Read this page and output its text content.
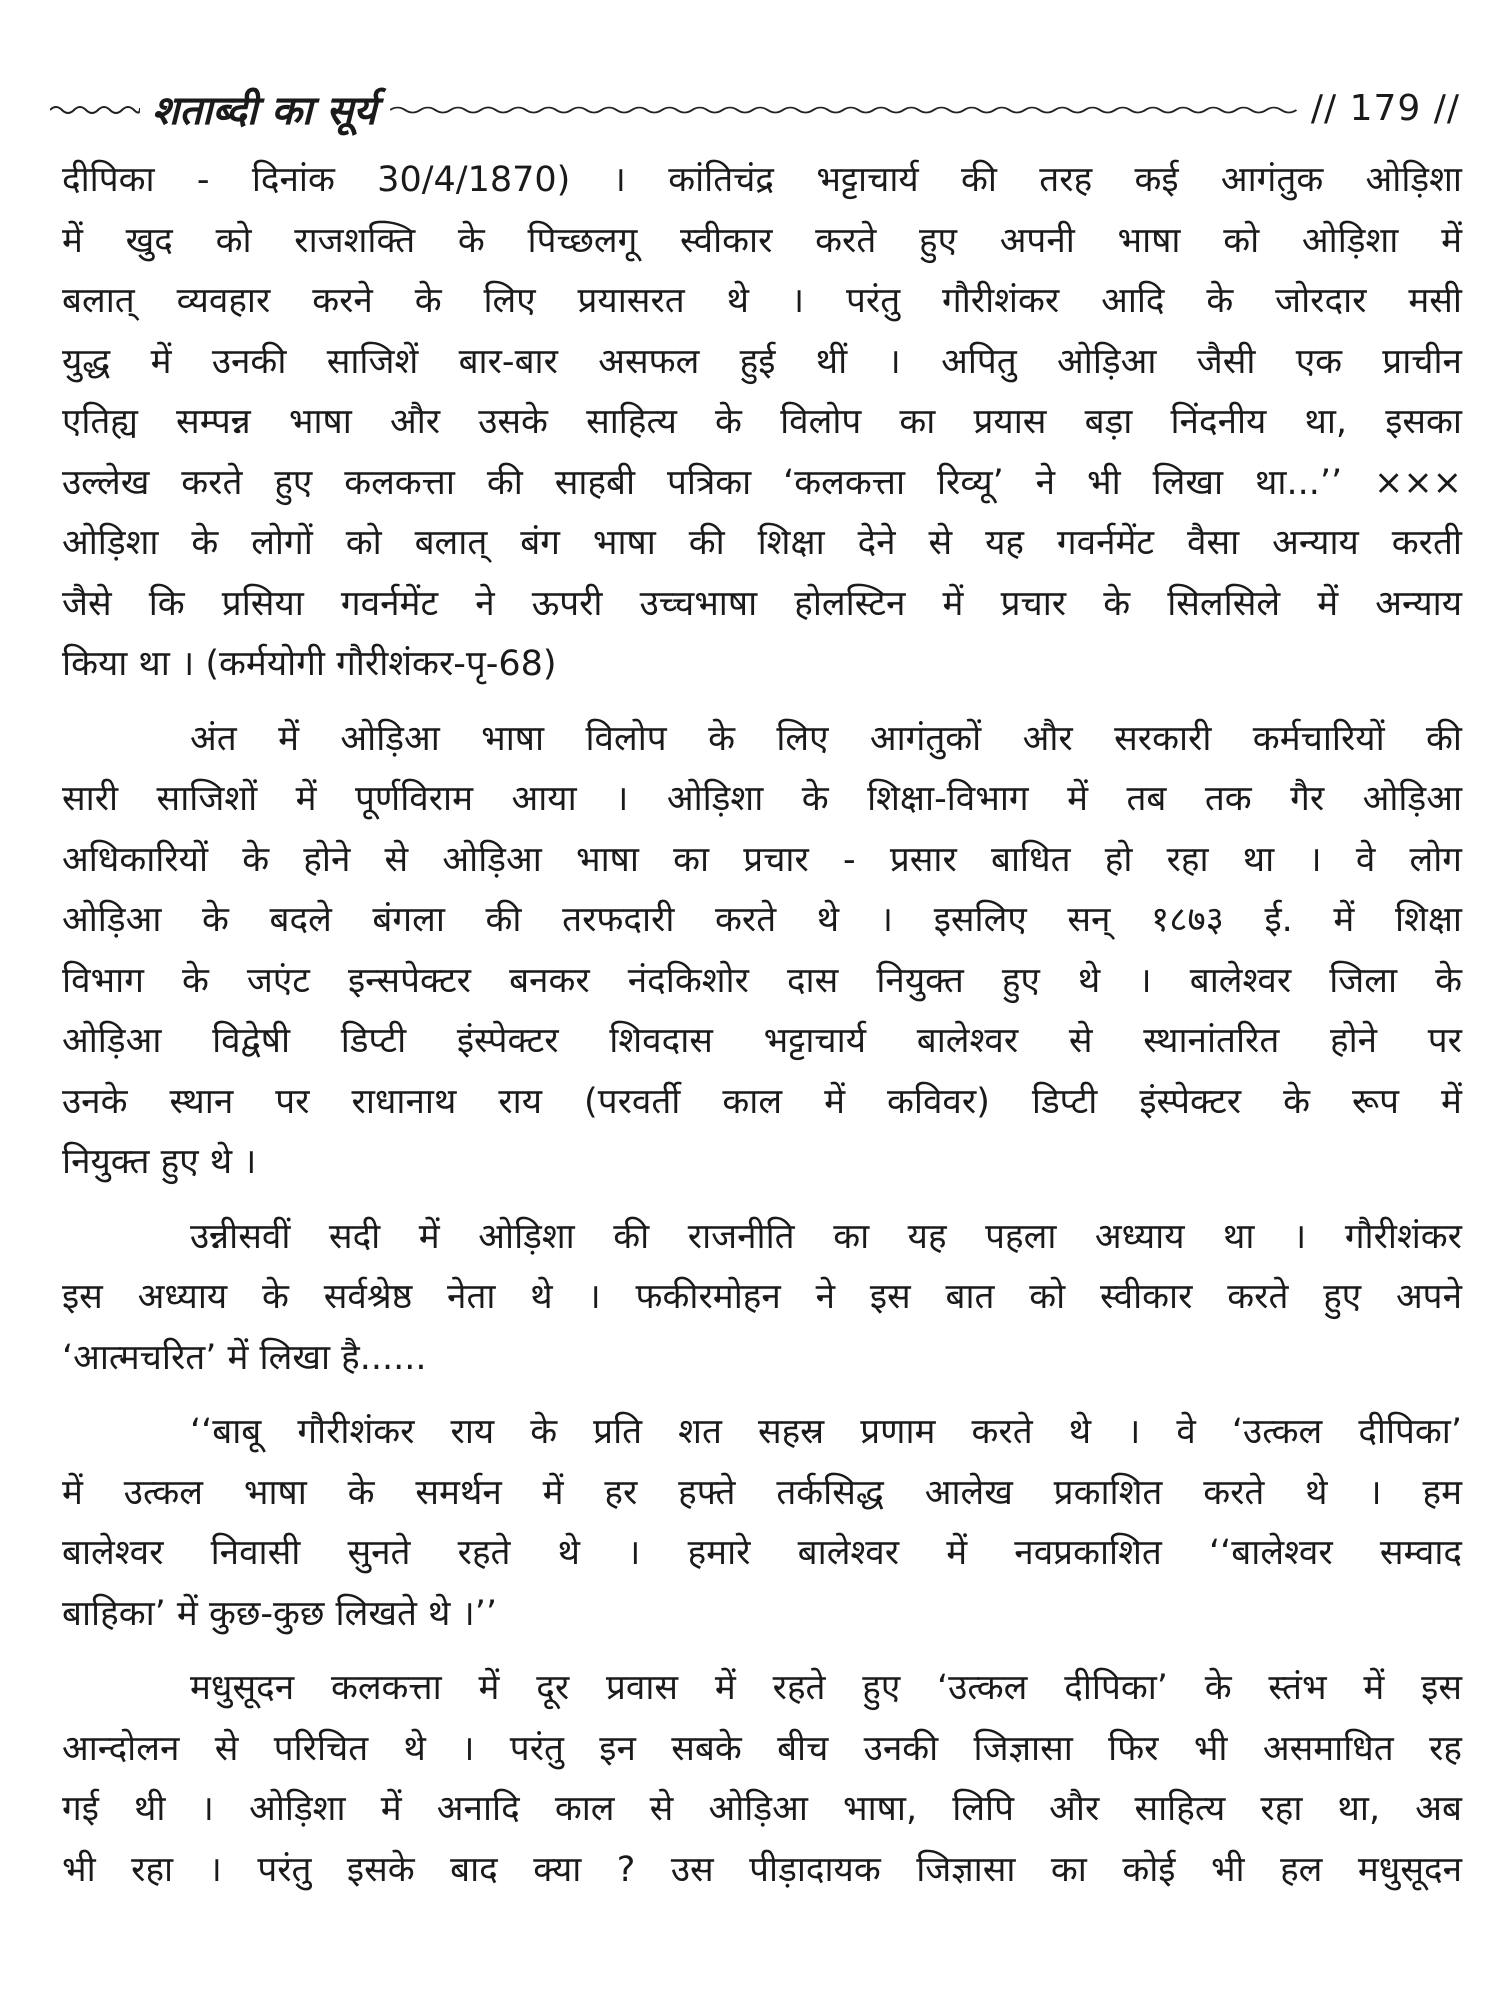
शताब्दी का सूर्य	// 179 //
दीपिका - दिनांक 30/4/1870) । कांतिचंद्र भट्टाचार्य की तरह कई आगंतुक ओड़िशा
में खुद को राजशक्ति के पिच्छलगू स्वीकार करते हुए अपनी भाषा को ओड़िशा में
बलात् व्यवहार करने के लिए प्रयासरत थे । परंतु गौरीशंकर आदि के जोरदार मसी
युद्ध में उनकी साजिशें बार-बार असफल हुई थीं । अपितु ओड़िआ जैसी एक प्राचीन
एतिह्य सम्पन्न भाषा और उसके साहित्य के विलोप का प्रयास बड़ा निंदनीय था, इसका
उल्लेख करते हुए कलकत्ता की साहबी पत्रिका ‘कलकत्ता रिव्यू’ ने भी लिखा था...’’ ×××
ओड़िशा के लोगों को बलात् बंग भाषा की शिक्षा देने से यह गवर्नमेंट वैसा अन्याय करती
जैसे कि प्रसिया गवर्नमेंट ने ऊपरी उच्चभाषा होलस्टिन में प्रचार के सिलसिले में अन्याय
किया था । (कर्मयोगी गौरीशंकर-पृ-68)
अंत में ओड़िआ भाषा विलोप के लिए आगंतुकों और सरकारी कर्मचारियों की
सारी साजिशों में पूर्णविराम आया । ओड़िशा के शिक्षा-विभाग में तब तक गैर ओड़िआ
अधिकारियों के होने से ओड़िआ भाषा का प्रचार - प्रसार बाधित हो रहा था । वे लोग
ओड़िआ के बदले बंगला की तरफदारी करते थे । इसलिए सन् १८७३ ई. में शिक्षा
विभाग के जएंट इन्सपेक्टर बनकर नंदकिशोर दास नियुक्त हुए थे । बालेश्वर जिला के
ओड़िआ विद्वेषी डिप्टी इंस्पेक्टर शिवदास भट्टाचार्य बालेश्वर से स्थानांतरित होने पर
उनके स्थान पर राधानाथ राय (परवर्ती काल में कविवर) डिप्टी इंस्पेक्टर के रूप में
नियुक्त हुए थे ।
उन्नीसवीं सदी में ओड़िशा की राजनीति का यह पहला अध्याय था । गौरीशंकर
इस अध्याय के सर्वश्रेष्ठ नेता थे । फकीरमोहन ने इस बात को स्वीकार करते हुए अपने
‘आत्मचरित’ में लिखा है......
‘‘बाबू गौरीशंकर राय के प्रति शत सहस्र प्रणाम करते थे । वे ‘उत्कल दीपिका’
में उत्कल भाषा के समर्थन में हर हफ्ते तर्कसिद्ध आलेख प्रकाशित करते थे । हम
बालेश्वर निवासी सुनते रहते थे । हमारे बालेश्वर में नवप्रकाशित ‘‘बालेश्वर सम्वाद
बाहिका’ में कुछ-कुछ लिखते थे ।’’
मधुसूदन कलकत्ता में दूर प्रवास में रहते हुए ‘उत्कल दीपिका’ के स्तंभ में इस
आन्दोलन से परिचित थे । परंतु इन सबके बीच उनकी जिज्ञासा फिर भी असमाधित रह
गई थी । ओड़िशा में अनादि काल से ओड़िआ भाषा, लिपि और साहित्य रहा था, अब
भी रहा । परंतु इसके बाद क्या ? उस पीड़ादायक जिज्ञासा का कोई भी हल मधुसूदन
